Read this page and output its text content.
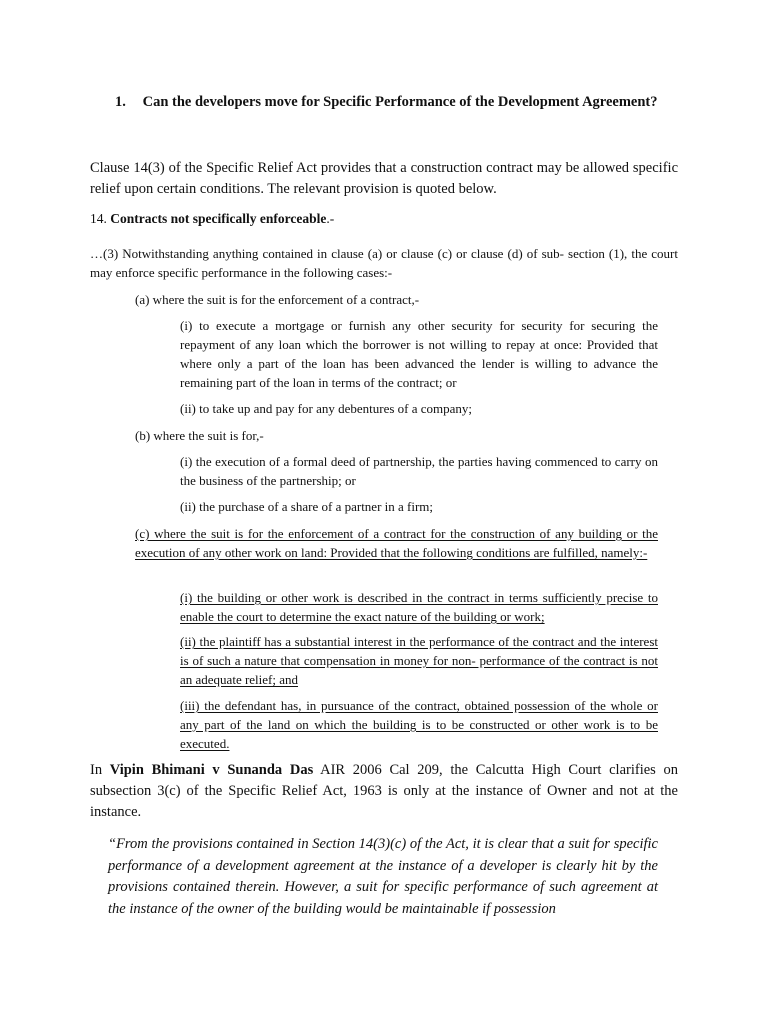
1. Can the developers move for Specific Performance of the Development Agreement?
Clause 14(3) of the Specific Relief Act provides that a construction contract may be allowed specific relief upon certain conditions. The relevant provision is quoted below.
14. Contracts not specifically enforceable.-
…(3) Notwithstanding anything contained in clause (a) or clause (c) or clause (d) of sub- section (1), the court may enforce specific performance in the following cases:-
(a) where the suit is for the enforcement of a contract,-
(i) to execute a mortgage or furnish any other security for security for securing the repayment of any loan which the borrower is not willing to repay at once: Provided that where only a part of the loan has been advanced the lender is willing to advance the remaining part of the loan in terms of the contract; or
(ii) to take up and pay for any debentures of a company;
(b) where the suit is for,-
(i) the execution of a formal deed of partnership, the parties having commenced to carry on the business of the partnership; or
(ii) the purchase of a share of a partner in a firm;
(c) where the suit is for the enforcement of a contract for the construction of any building or the execution of any other work on land: Provided that the following conditions are fulfilled, namely:-
(i) the building or other work is described in the contract in terms sufficiently precise to enable the court to determine the exact nature of the building or work;
(ii) the plaintiff has a substantial interest in the performance of the contract and the interest is of such a nature that compensation in money for non- performance of the contract is not an adequate relief; and
(iii) the defendant has, in pursuance of the contract, obtained possession of the whole or any part of the land on which the building is to be constructed or other work is to be executed.
In Vipin Bhimani v Sunanda Das AIR 2006 Cal 209, the Calcutta High Court clarifies on subsection 3(c) of the Specific Relief Act, 1963 is only at the instance of Owner and not at the instance.
“From the provisions contained in Section 14(3)(c) of the Act, it is clear that a suit for specific performance of a development agreement at the instance of a developer is clearly hit by the provisions contained therein. However, a suit for specific performance of such agreement at the instance of the owner of the building would be maintainable if possession
